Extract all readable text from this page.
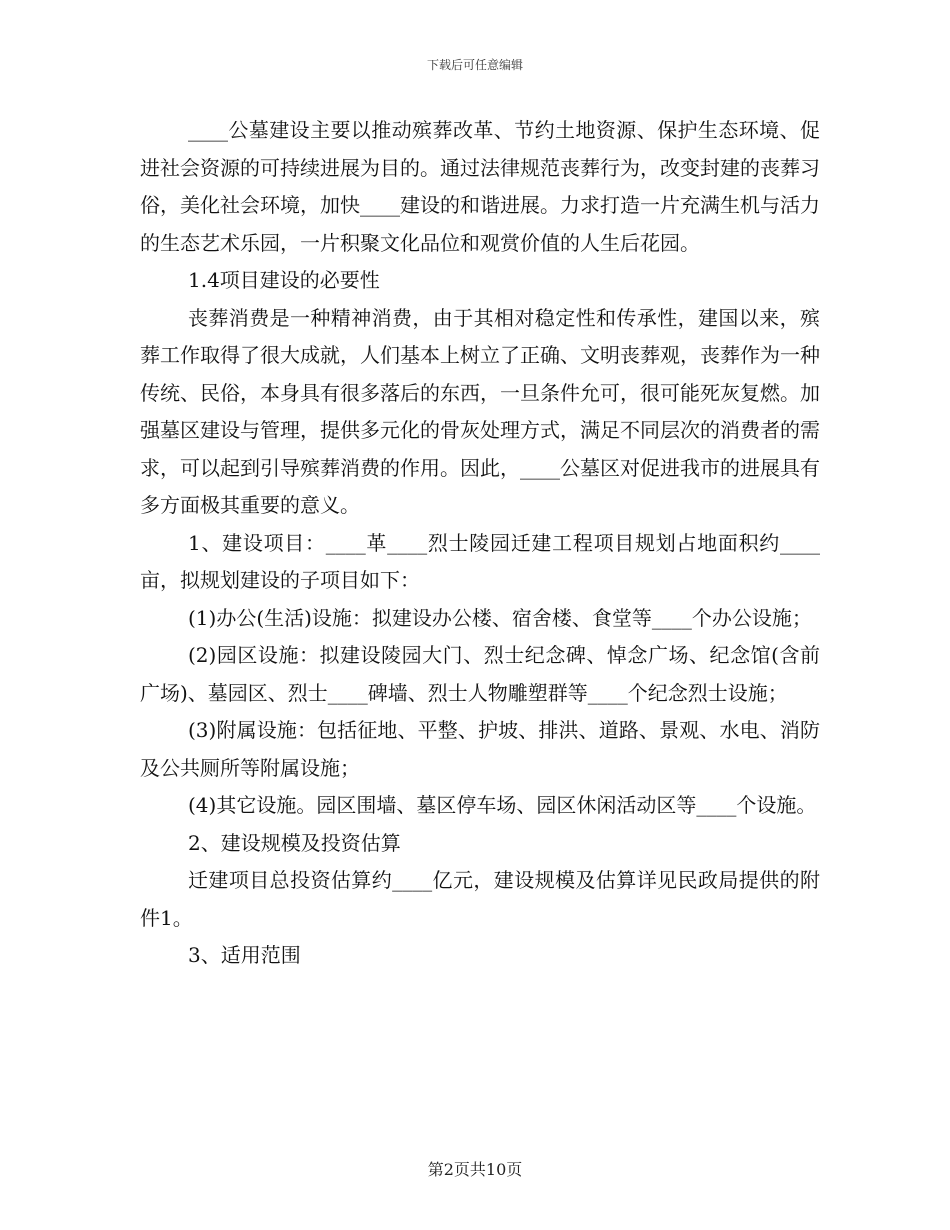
下载后可任意编辑

____公墓建设主要以推动殡葬改革、节约土地资源、保护生态环境、促进社会资源的可持续进展为目的。通过法律规范丧葬行为，改变封建的丧葬习俗，美化社会环境，加快____建设的和谐进展。力求打造一片充满生机与活力的生态艺术乐园，一片积聚文化品位和观赏价值的人生后花园。

1.4项目建设的必要性

丧葬消费是一种精神消费，由于其相对稳定性和传承性，建国以来，殡葬工作取得了很大成就，人们基本上树立了正确、文明丧葬观，丧葬作为一种传统、民俗，本身具有很多落后的东西，一旦条件允可，很可能死灰复燃。加强墓区建设与管理，提供多元化的骨灰处理方式，满足不同层次的消费者的需求，可以起到引导殡葬消费的作用。因此，____公墓区对促进我市的进展具有多方面极其重要的意义。

1、建设项目：____革____烈士陵园迁建工程项目规划占地面积约____亩，拟规划建设的子项目如下：

(1)办公(生活)设施：拟建设办公楼、宿舍楼、食堂等____个办公设施；

(2)园区设施：拟建设陵园大门、烈士纪念碑、悼念广场、纪念馆(含前广场)、墓园区、烈士____碑墙、烈士人物雕塑群等____个纪念烈士设施；

(3)附属设施：包括征地、平整、护坡、排洪、道路、景观、水电、消防及公共厕所等附属设施；

(4)其它设施。园区围墙、墓区停车场、园区休闲活动区等____个设施。

2、建设规模及投资估算

迁建项目总投资估算约____亿元，建设规模及估算详见民政局提供的附件1。

3、适用范围

第2页共10页
